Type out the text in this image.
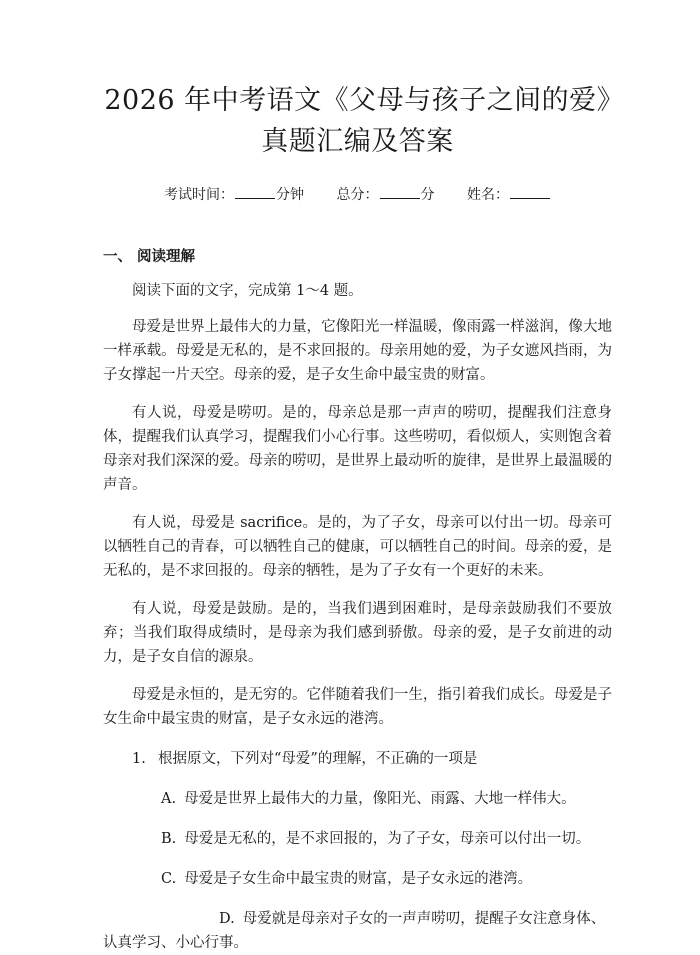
2026 年中考语文《父母与孩子之间的爱》真题汇编及答案
考试时间：	分钟 总分：	分 姓名：
一、 阅读理解
阅读下面的文字，完成第 1～4 题。

母爱是世界上最伟大的力量，它像阳光一样温暖，像雨露一样滋润，像大地一样承载。母爱是无私的，是不求回报的。母亲用她的爱，为子女遮风挡雨，为子女撑起一片天空。母亲的爱，是子女生命中最宝贵的财富。

有人说，母爱是唠叨。是的，母亲总是那一声声的唠叨，提醒我们注意身体，提醒我们认真学习，提醒我们小心行事。这些唠叨，看似烦人，实则饱含着母亲对我们深深的爱。母亲的唠叨，是世界上最动听的旋律，是世界上最温暖的声音。

有人说，母爱是 sacrifice。是的，为了子女，母亲可以付出一切。母亲可以牺牲自己的青春，可以牺牲自己的健康，可以牺牲自己的时间。母亲的爱，是无私的，是不求回报的。母亲的牺牲，是为了子女有一个更好的未来。

有人说，母爱是鼓励。是的，当我们遇到困难时，是母亲鼓励我们不要放弃；当我们取得成绩时，是母亲为我们感到骄傲。母亲的爱，是子女前进的动力，是子女自信的源泉。

母爱是永恒的，是无穷的。它伴随着我们一生，指引着我们成长。母爱是子女生命中最宝贵的财富，是子女永远的港湾。

1. 根据原文，下列对“母爱”的理解，不正确的一项是
A. 母爱是世界上最伟大的力量，像阳光、雨露、大地一样伟大。
B. 母爱是无私的，是不求回报的，为了子女，母亲可以付出一切。
C. 母爱是子女生命中最宝贵的财富，是子女永远的港湾。
D. 母爱就是母亲对子女的一声声唠叨，提醒子女注意身体、认真学习、小心行事。
